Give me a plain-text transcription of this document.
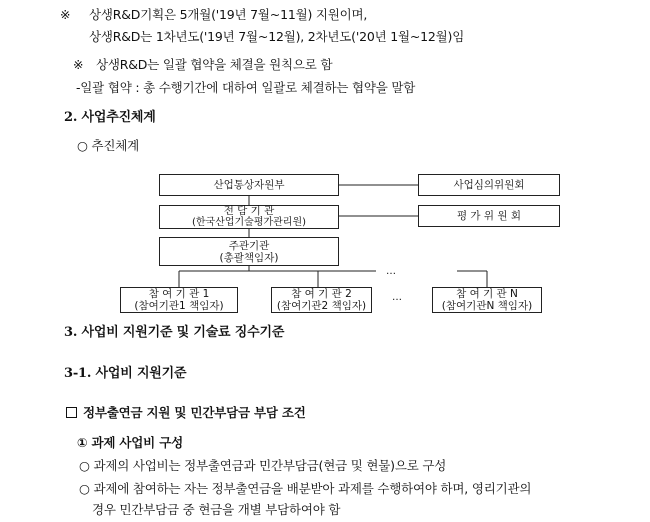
※ 상생R&D기획은 5개월('19년 7월~11월) 지원이며,
상생R&D는 1차년도('19년 7월~12월), 2차년도('20년 1월~12월)임
※ 상생R&D는 일괄 협약을 체결을 원칙으로 함
-일괄 협약 : 총 수행기간에 대하여 일괄로 체결하는 협약을 말함
2. 사업추진체계
○ 추진체계
산업통상자원부	사업심의위원회
전 담 기 관
(한국산업기술평가관리원)
평 가 위 원 회
주관기관
(총괄책임자)
…
…
참 여 기 관 1
(참여기관1 책임자)
참 여 기 관 2
(참여기관2 책임자)
참 여 기 관 N
(참여기관N 책임자)
3. 사업비 지원기준 및 기술료 징수기준
3-1. 사업비 지원기준
정부출연금 지원 및 민간부담금 부담 조건
① 과제 사업비 구성
○ 과제의 사업비는 정부출연금과 민간부담금(현금 및 현물)으로 구성
○ 과제에 참여하는 자는 정부출연금을 배분받아 과제를 수행하여야 하며, 영리기관의
경우 민간부담금 중 현금을 개별 부담하여야 함
